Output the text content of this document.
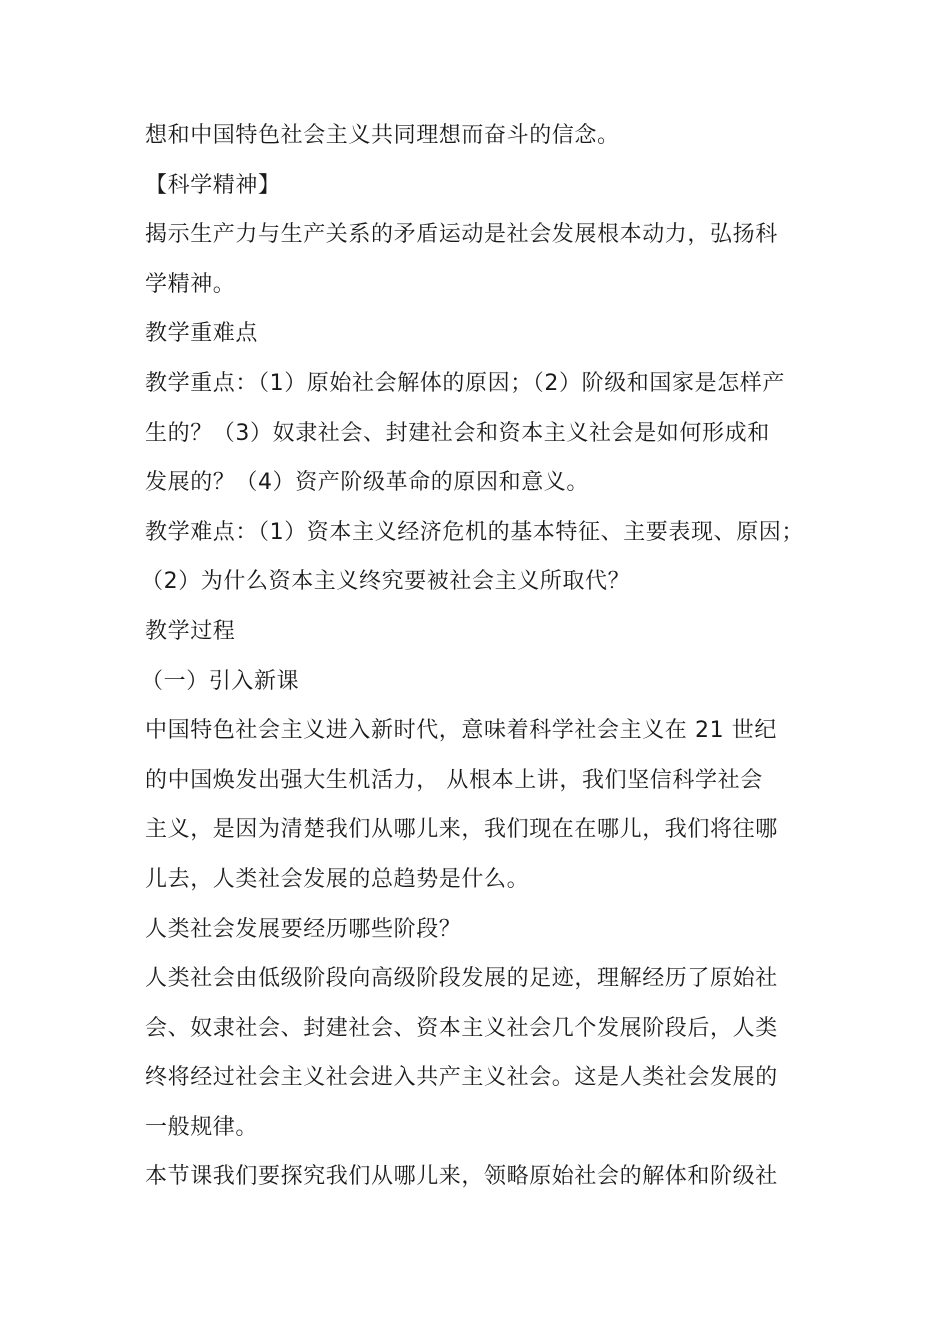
想和中国特色社会主义共同理想而奋斗的信念。
【科学精神】
揭示生产力与生产关系的矛盾运动是社会发展根本动力，弘扬科
学精神。
教学重难点
教学重点：（1）原始社会解体的原因；（2）阶级和国家是怎样产
生的？（3）奴隶社会、封建社会和资本主义社会是如何形成和
发展的？（4）资产阶级革命的原因和意义。
教学难点：（1）资本主义经济危机的基本特征、主要表现、原因；
（2）为什么资本主义终究要被社会主义所取代？
教学过程
（一）引入新课
中国特色社会主义进入新时代，意味着科学社会主义在 21 世纪
的中国焕发出强大生机活力， 从根本上讲，我们坚信科学社会
主义，是因为清楚我们从哪儿来，我们现在在哪儿，我们将往哪
儿去，人类社会发展的总趋势是什么。
人类社会发展要经历哪些阶段？
人类社会由低级阶段向高级阶段发展的足迹，理解经历了原始社
会、奴隶社会、封建社会、资本主义社会几个发展阶段后，人类
终将经过社会主义社会进入共产主义社会。这是人类社会发展的
一般规律。
本节课我们要探究我们从哪儿来，领略原始社会的解体和阶级社
